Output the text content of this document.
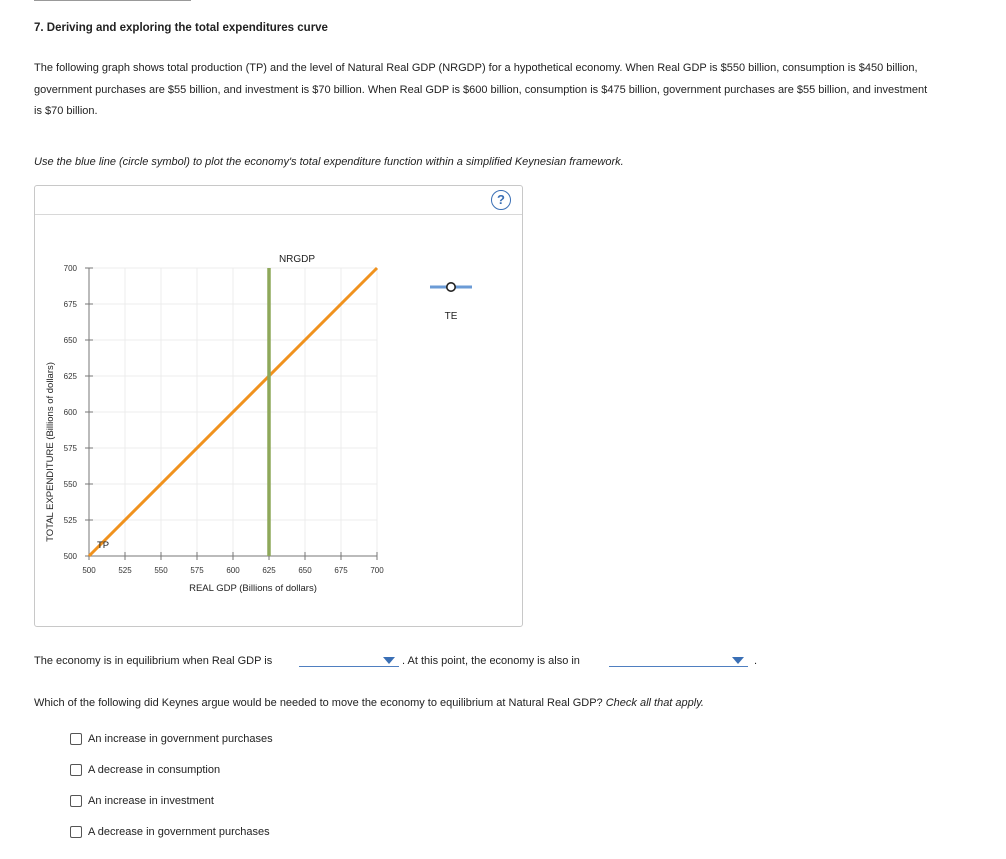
7. Deriving and exploring the total expenditures curve
The following graph shows total production (TP) and the level of Natural Real GDP (NRGDP) for a hypothetical economy. When Real GDP is $550 billion, consumption is $450 billion, government purchases are $55 billion, and investment is $70 billion. When Real GDP is $600 billion, consumption is $475 billion, government purchases are $55 billion, and investment is $70 billion.
Use the blue line (circle symbol) to plot the economy's total expenditure function within a simplified Keynesian framework.
?
500	525	550	575	600	625	650	675	700
500
525
550
575
600
625
650
675
700
REAL GDP (Billions of dollars)
TOTAL EXPENDITURE (Billions of dollars)
TP
NRGDP
TE
The economy is in equilibrium when Real GDP is	. At this point, the economy is also in	.
Which of the following did Keynes argue would be needed to move the economy to equilibrium at Natural Real GDP? Check all that apply.
An increase in government purchases
A decrease in consumption
An increase in investment
A decrease in government purchases
